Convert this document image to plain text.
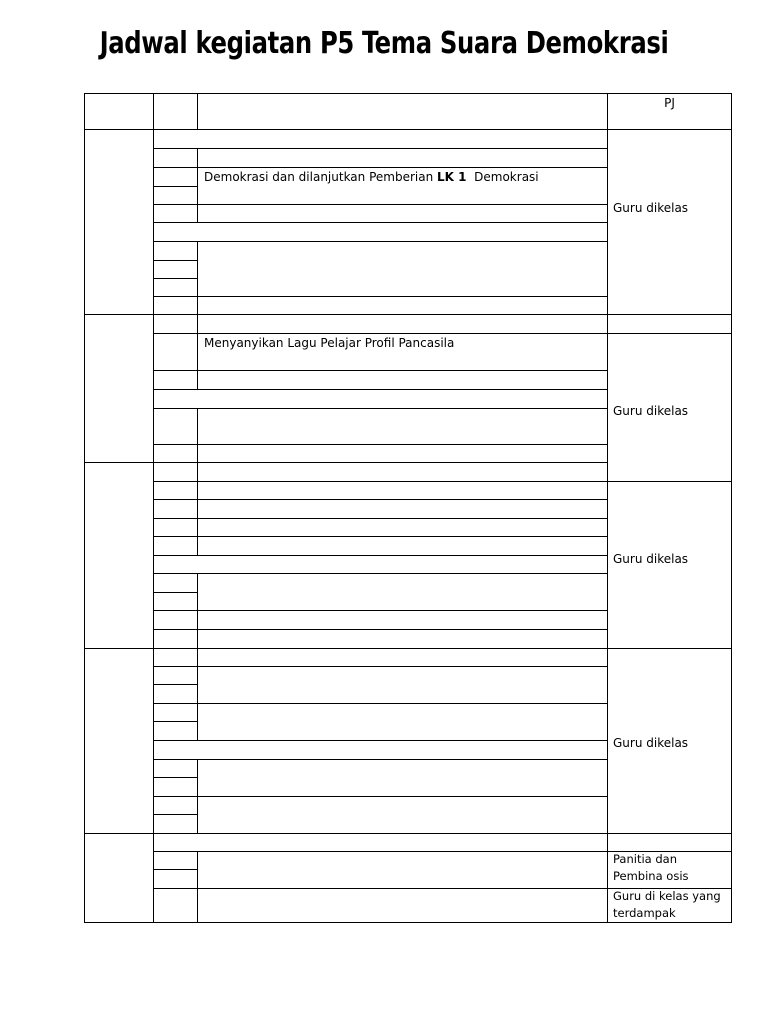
Jadwal kegiatan P5 Tema Suara Demokrasi
PJ
Demokrasi dan dilanjutkan Pemberian LK 1 Demokrasi
Menyanyikan Lagu Pelajar Profil Pancasila
Guru dikelas
Guru dikelas
Guru dikelas
Guru dikelas
Panitia dan Pembina osis
Guru di kelas yang terdampak
